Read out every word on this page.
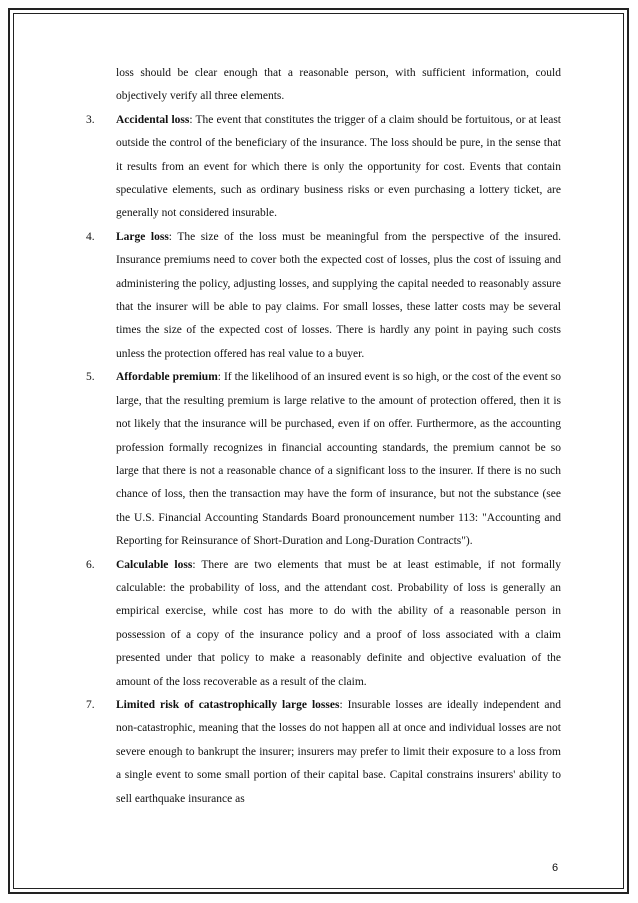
loss should be clear enough that a reasonable person, with sufficient information, could objectively verify all three elements.

3. Accidental loss: The event that constitutes the trigger of a claim should be fortuitous, or at least outside the control of the beneficiary of the insurance. The loss should be pure, in the sense that it results from an event for which there is only the opportunity for cost. Events that contain speculative elements, such as ordinary business risks or even purchasing a lottery ticket, are generally not considered insurable.

4. Large loss: The size of the loss must be meaningful from the perspective of the insured. Insurance premiums need to cover both the expected cost of losses, plus the cost of issuing and administering the policy, adjusting losses, and supplying the capital needed to reasonably assure that the insurer will be able to pay claims. For small losses, these latter costs may be several times the size of the expected cost of losses. There is hardly any point in paying such costs unless the protection offered has real value to a buyer.

5. Affordable premium: If the likelihood of an insured event is so high, or the cost of the event so large, that the resulting premium is large relative to the amount of protection offered, then it is not likely that the insurance will be purchased, even if on offer. Furthermore, as the accounting profession formally recognizes in financial accounting standards, the premium cannot be so large that there is not a reasonable chance of a significant loss to the insurer. If there is no such chance of loss, then the transaction may have the form of insurance, but not the substance (see the U.S. Financial Accounting Standards Board pronouncement number 113: "Accounting and Reporting for Reinsurance of Short-Duration and Long-Duration Contracts").

6. Calculable loss: There are two elements that must be at least estimable, if not formally calculable: the probability of loss, and the attendant cost. Probability of loss is generally an empirical exercise, while cost has more to do with the ability of a reasonable person in possession of a copy of the insurance policy and a proof of loss associated with a claim presented under that policy to make a reasonably definite and objective evaluation of the amount of the loss recoverable as a result of the claim.

7. Limited risk of catastrophically large losses: Insurable losses are ideally independent and non-catastrophic, meaning that the losses do not happen all at once and individual losses are not severe enough to bankrupt the insurer; insurers may prefer to limit their exposure to a loss from a single event to some small portion of their capital base. Capital constrains insurers' ability to sell earthquake insurance as

6
